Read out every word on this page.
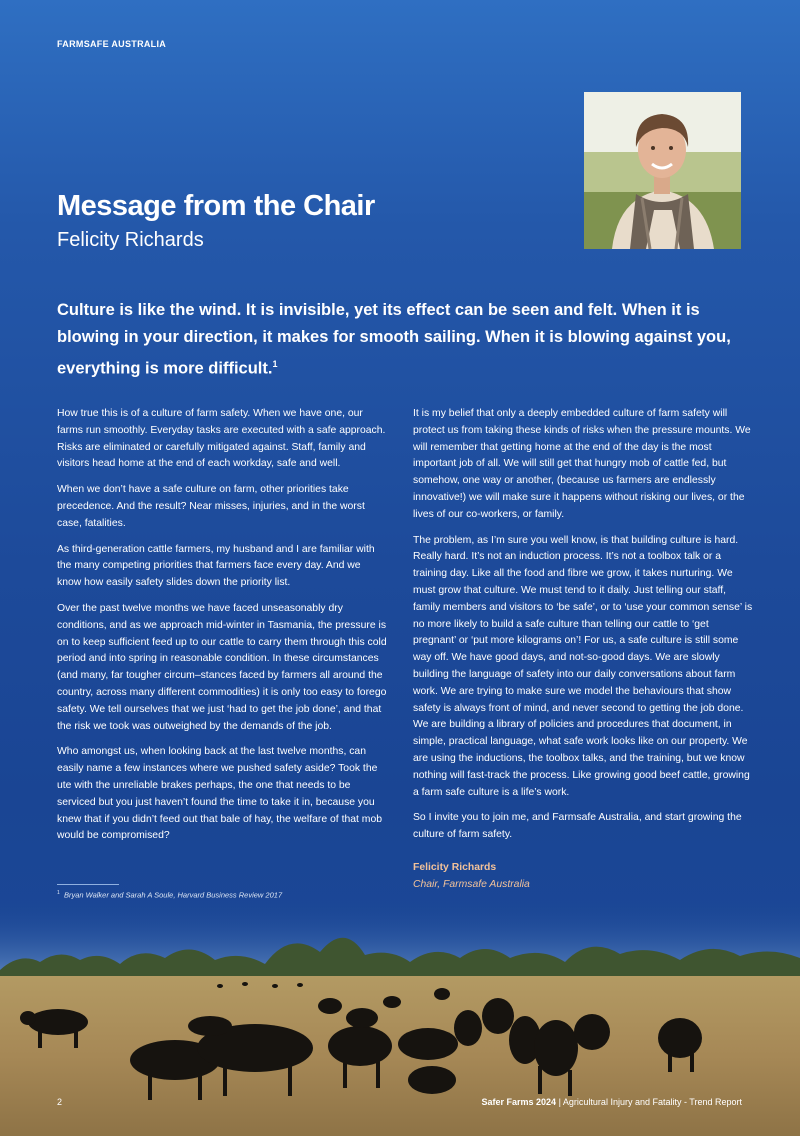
FARMSAFE AUSTRALIA
Message from the Chair
Felicity Richards

Culture is like the wind. It is invisible, yet its effect can be seen and felt. When it is blowing in your direction, it makes for smooth sailing. When it is blowing against you, everything is more difficult.$^1$

How true this is of a culture of farm safety. When we have one, our farms run smoothly. Everyday tasks are executed with a safe approach. Risks are eliminated or carefully mitigated against. Staff, family and visitors head home at the end of each workday, safe and well.

When we don’t have a safe culture on farm, other priorities take precedence. And the result? Near misses, injuries, and in the worst case, fatalities.

As third-generation cattle farmers, my husband and I are familiar with the many competing priorities that farmers face every day. And we know how easily safety slides down the priority list.

Over the past twelve months we have faced unseasonably dry conditions, and as we approach mid-winter in Tasmania, the pressure is on to keep sufficient feed up to our cattle to carry them through this cold period and into spring in reasonable condition. In these circumstances (and many, far tougher circum–stances faced by farmers all around the country, across many different commodities) it is only too easy to forego safety. We tell ourselves that we just ‘had to get the job done’, and that the risk we took was outweighed by the demands of the job.

Who amongst us, when looking back at the last twelve months, can easily name a few instances where we pushed safety aside? Took the ute with the unreliable brakes perhaps, the one that needs to be serviced but you just haven’t found the time to take it in, because you knew that if you didn’t feed out that bale of hay, the welfare of that mob would be compromised?

It is my belief that only a deeply embedded culture of farm safety will protect us from taking these kinds of risks when the pressure mounts. We will remember that getting home at the end of the day is the most important job of all. We will still get that hungry mob of cattle fed, but somehow, one way or another, (because us farmers are endlessly innovative!) we will make sure it happens without risking our lives, or the lives of our co-workers, or family.

The problem, as I’m sure you well know, is that building culture is hard. Really hard. It’s not an induction process. It’s not a toolbox talk or a training day. Like all the food and fibre we grow, it takes nurturing. We must grow that culture. We must tend to it daily. Just telling our staff, family members and visitors to ‘be safe’, or to ‘use your common sense’ is no more likely to build a safe culture than telling our cattle to ‘get pregnant’ or ‘put more kilograms on’! For us, a safe culture is still some way off. We have good days, and not-so-good days. We are slowly building the language of safety into our daily conversations about farm work. We are trying to make sure we model the behaviours that show safety is always front of mind, and never second to getting the job done. We are building a library of policies and procedures that document, in simple, practical language, what safe work looks like on our property. We are using the inductions, the toolbox talks, and the training, but we know nothing will fast-track the process. Like growing good beef cattle, growing a farm safe culture is a life’s work.

So I invite you to join me, and Farmsafe Australia, and start growing the culture of farm safety.

Felicity Richards
Chair, Farmsafe Australia
$^1$ Bryan Walker and Sarah A Soule, Harvard Business Review 2017
2	Safer Farms 2024 | Agricultural Injury and Fatality - Trend Report
